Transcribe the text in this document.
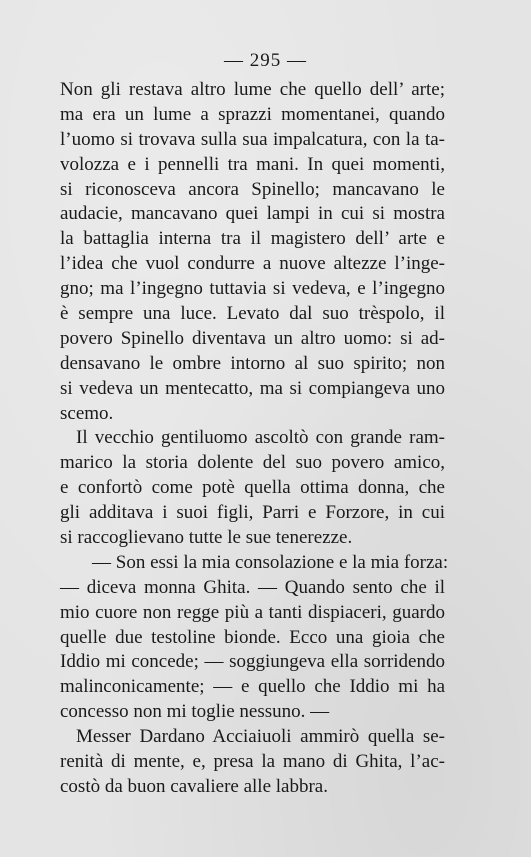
— 295 —
Non gli restava altro lume che quello dell’ arte;
ma era un lume a sprazzi momentanei, quando
l’uomo si trovava sulla sua impalcatura, con la ta-
volozza e i pennelli tra mani. In quei momenti,
si riconosceva ancora Spinello; mancavano le
audacie, mancavano quei lampi in cui si mostra
la battaglia interna tra il magistero dell’ arte e
l’idea che vuol condurre a nuove altezze l’inge-
gno; ma l’ingegno tuttavia si vedeva, e l’ingegno
è sempre una luce. Levato dal suo trèspolo, il
povero Spinello diventava un altro uomo: si ad-
densavano le ombre intorno al suo spirito; non
si vedeva un mentecatto, ma si compiangeva uno
scemo.
Il vecchio gentiluomo ascoltò con grande ram-
marico la storia dolente del suo povero amico,
e confortò come potè quella ottima donna, che
gli additava i suoi figli, Parri e Forzore, in cui
si raccoglievano tutte le sue tenerezze.
— Son essi la mia consolazione e la mia forza:
— diceva monna Ghita. — Quando sento che il
mio cuore non regge più a tanti dispiaceri, guardo
quelle due testoline bionde. Ecco una gioia che
Iddio mi concede; — soggiungeva ella sorridendo
malinconicamente; — e quello che Iddio mi ha
concesso non mi toglie nessuno. —
Messer Dardano Acciaiuoli ammirò quella se-
renità di mente, e, presa la mano di Ghita, l’ac-
costò da buon cavaliere alle labbra.
